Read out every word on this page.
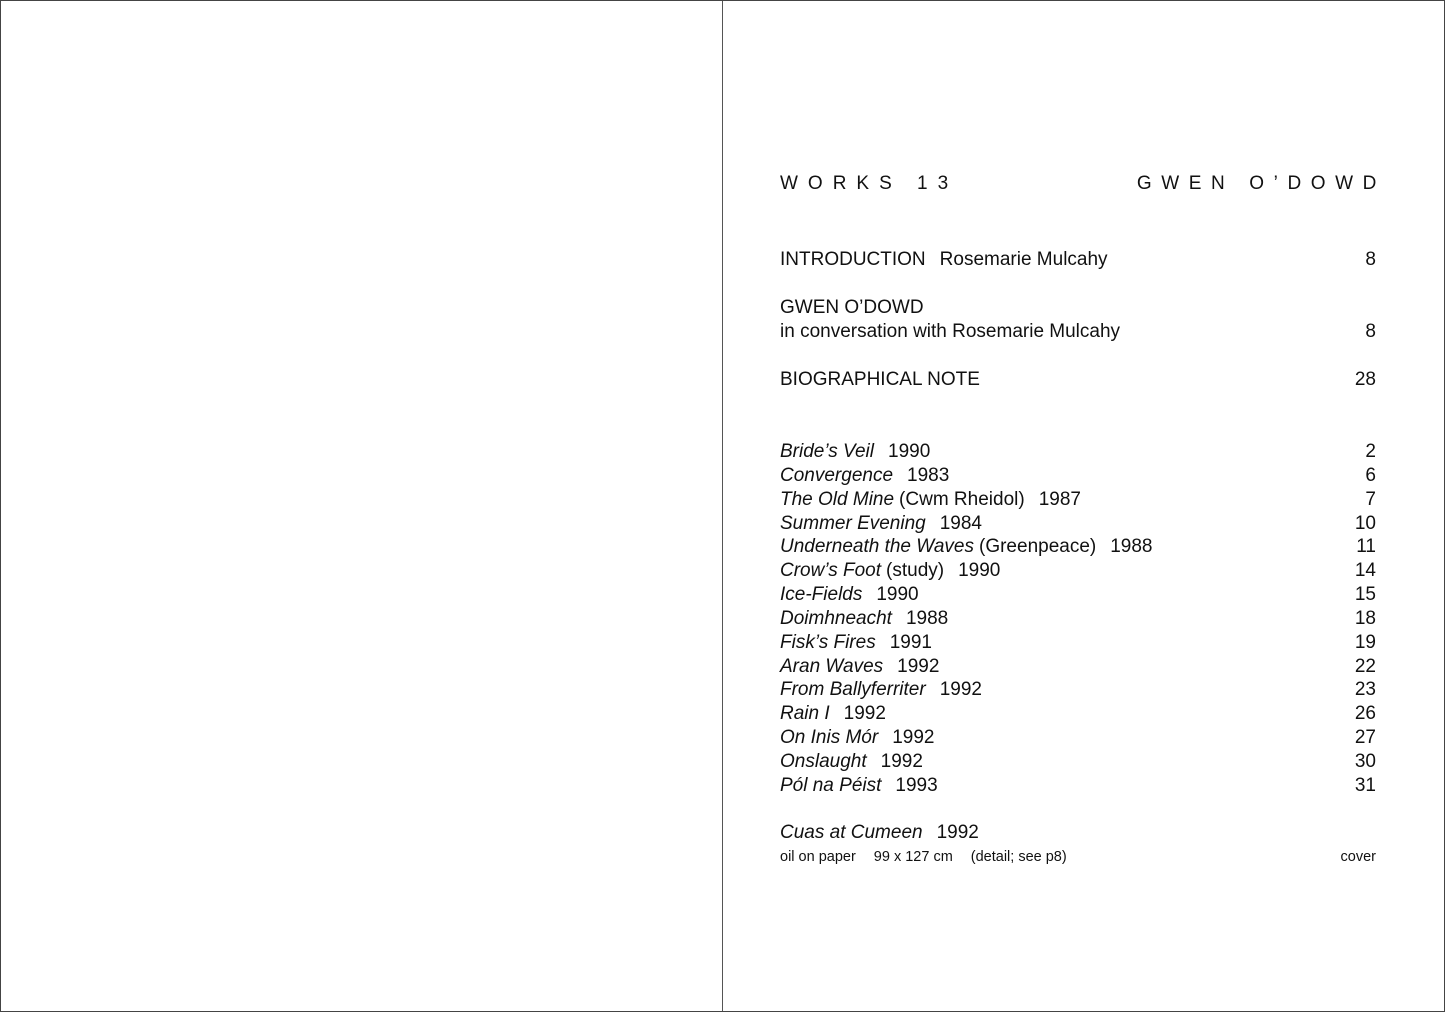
WORKS 13	GWEN O’DOWD
INTRODUCTION Rosemarie Mulcahy	8
GWEN O’DOWD
in conversation with Rosemarie Mulcahy	8
BIOGRAPHICAL NOTE	28
Bride’s Veil 1990	2
Convergence 1983	6
The Old Mine (Cwm Rheidol) 1987	7
Summer Evening 1984	10
Underneath the Waves (Greenpeace) 1988	11
Crow’s Foot (study) 1990	14
Ice-Fields 1990	15
Doimhneacht 1988	18
Fisk’s Fires 1991	19
Aran Waves 1992	22
From Ballyferriter 1992	23
Rain I 1992	26
On Inis Mór 1992	27
Onslaught 1992	30
Pól na Péist 1993	31
Cuas at Cumeen 1992
oil on paper 99 x 127 cm (detail; see p8)	cover
